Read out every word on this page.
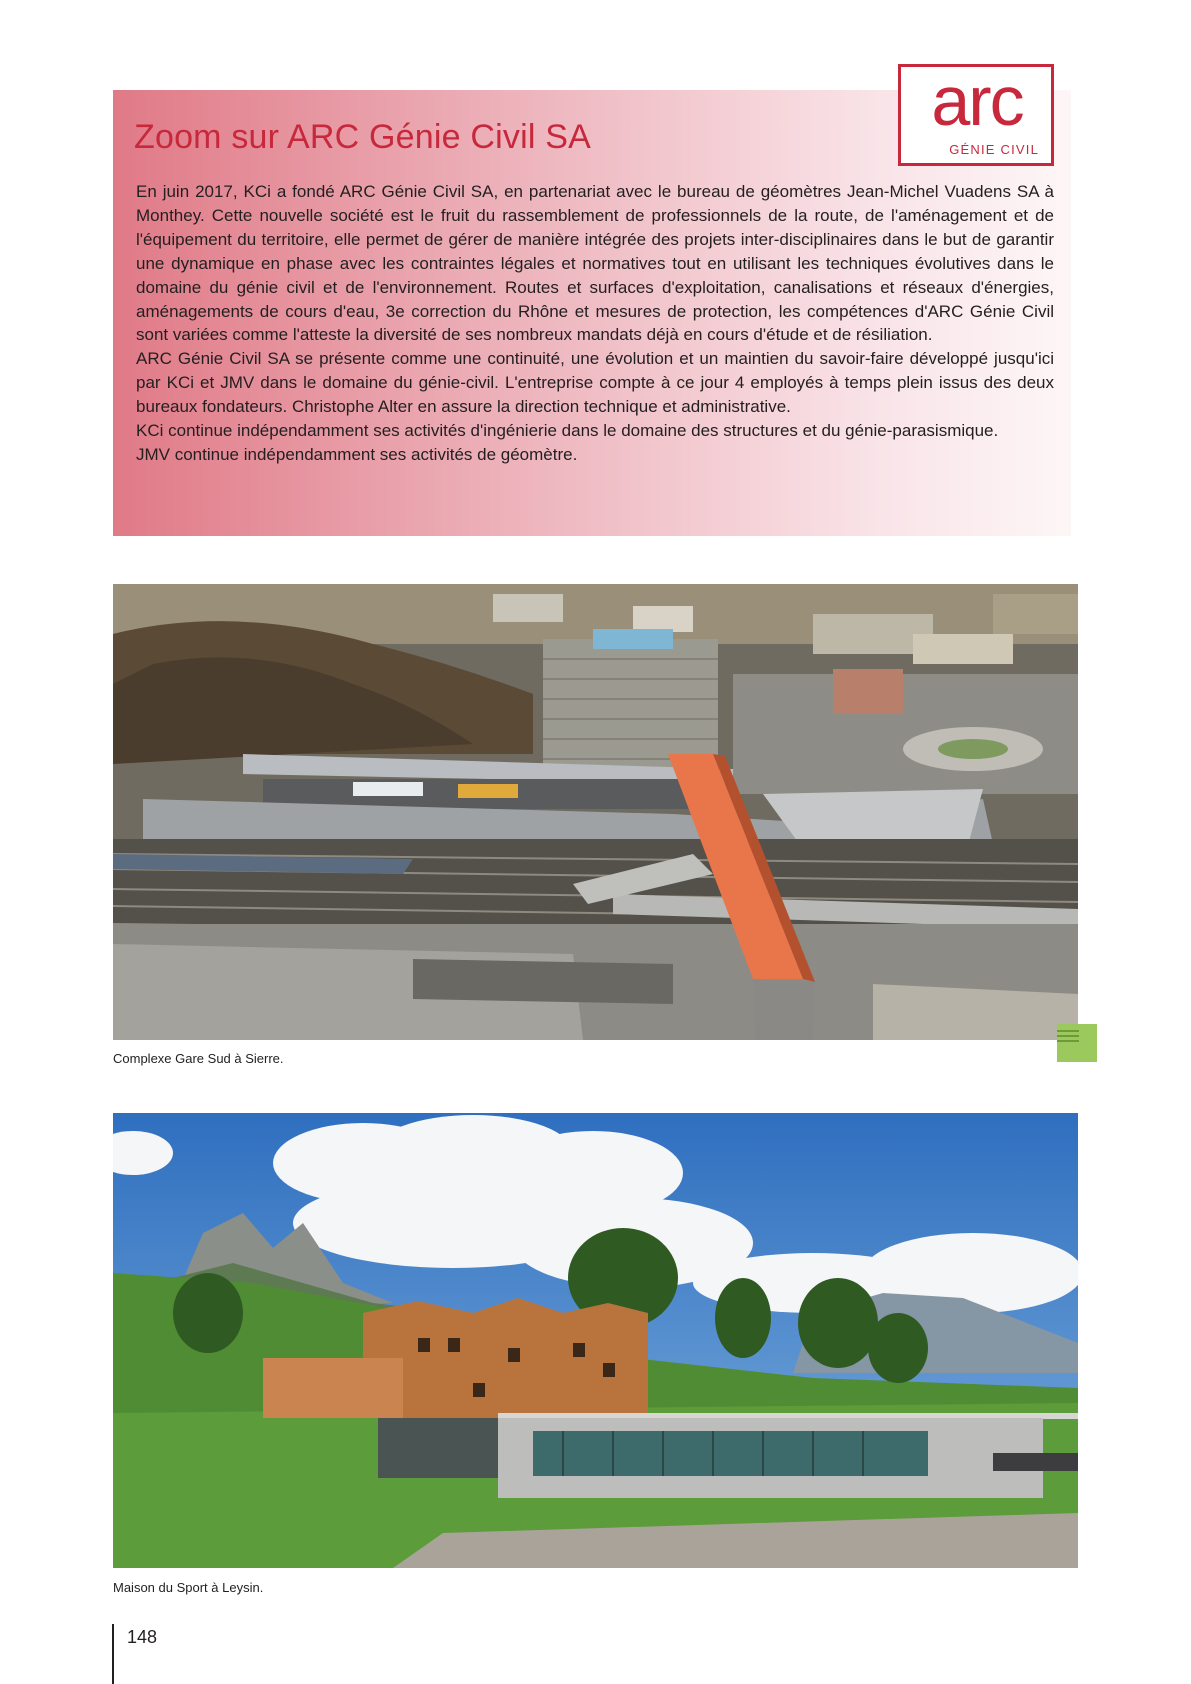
Zoom sur ARC Génie Civil SA	arc
GÉNIE CIVIL

En juin 2017, KCi a fondé ARC Génie Civil SA, en partenariat avec le bureau de géomètres Jean-Michel Vuadens SA à Monthey. Cette nouvelle société est le fruit du rassemblement de professionnels de la route, de l'aménagement et de l'équipement du territoire, elle permet de gérer de manière intégrée des projets inter-disciplinaires dans le but de garantir une dynamique en phase avec les contraintes légales et normatives tout en utilisant les techniques évolutives dans le domaine du génie civil et de l'environnement. Routes et surfaces d'exploitation, canalisations et réseaux d'énergies, aménagements de cours d'eau, 3e correction du Rhône et mesures de protection, les compétences d'ARC Génie Civil sont variées comme l'atteste la diversité de ses nombreux mandats déjà en cours d'étude et de résiliation.

ARC Génie Civil SA se présente comme une continuité, une évolution et un maintien du savoir-faire développé jusqu'ici par KCi et JMV dans le domaine du génie-civil. L'entreprise compte à ce jour 4 employés à temps plein issus des deux bureaux fondateurs. Christophe Alter en assure la direction technique et administrative.

KCi continue indépendamment ses activités d'ingénierie dans le domaine des structures et du génie-parasismique.

JMV continue indépendamment ses activités de géomètre.

Complexe Gare Sud à Sierre.
Maison du Sport à Leysin.
148
